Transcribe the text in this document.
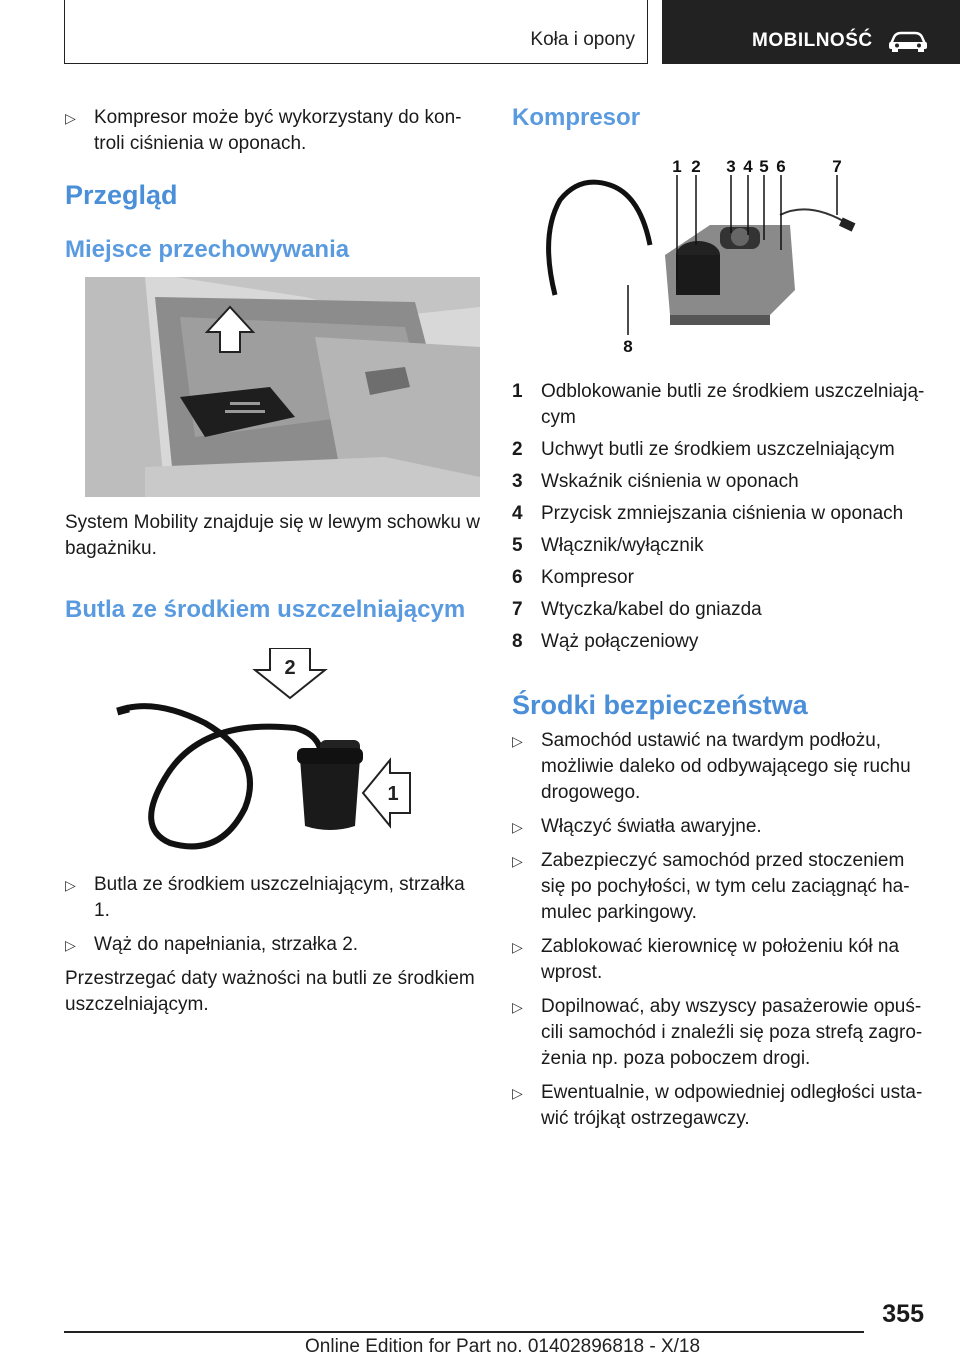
Koła i opony	MOBILNOŚĆ
▷ Kompresor może być wykorzystany do kon-troli ciśnienia w oponach.
Przegląd
Miejsce przechowywania
System Mobility znajduje się w lewym schowku w bagażniku.
Butla ze środkiem uszczelniającym
2
1
▷ Butla ze środkiem uszczelniającym, strzałka 1.
▷ Wąż do napełniania, strzałka 2.
Przestrzegać daty ważności na butli ze środkiem uszczelniającym.
Kompresor
1 2 3 4 5 6	7
8
1 Odblokowanie butli ze środkiem uszczelniają-cym
2 Uchwyt butli ze środkiem uszczelniającym
3 Wskaźnik ciśnienia w oponach
4 Przycisk zmniejszania ciśnienia w oponach
5 Włącznik/wyłącznik
6 Kompresor
7 Wtyczka/kabel do gniazda
8 Wąż połączeniowy
Środki bezpieczeństwa
▷ Samochód ustawić na twardym podłożu, możliwie daleko od odbywającego się ruchu drogowego.
▷ Włączyć światła awaryjne.
▷ Zabezpieczyć samochód przed stoczeniem się po pochyłości, w tym celu zaciągnąć ha-mulec parkingowy.
▷ Zablokować kierownicę w położeniu kół na wprost.
▷ Dopilnować, aby wszyscy pasażerowie opuś-cili samochód i znaleźli się poza strefą zagro-żenia np. poza poboczem drogi.
▷ Ewentualnie, w odpowiedniej odległości usta-wić trójkąt ostrzegawczy.
355
Online Edition for Part no. 01402896818 - X/18
